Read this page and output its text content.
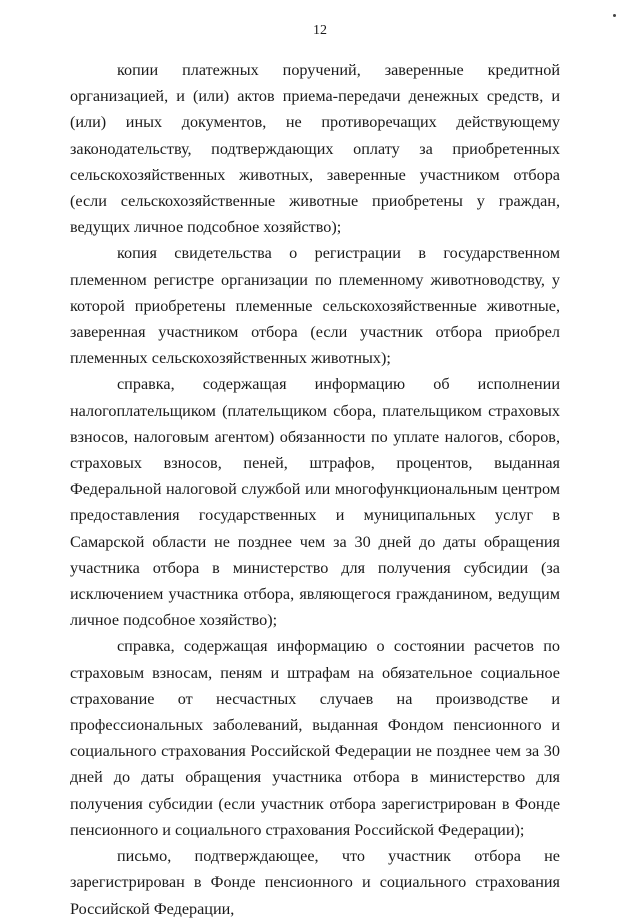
12

копии платежных поручений, заверенные кредитной организацией, и (или) актов приема-передачи денежных средств, и (или) иных документов, не противоречащих действующему законодательству, подтверждающих оплату за приобретенных сельскохозяйственных животных, заверенные участником отбора (если сельскохозяйственные животные приобретены у граждан, ведущих личное подсобное хозяйство);

копия свидетельства о регистрации в государственном племенном регистре организации по племенному животноводству, у которой приобретены племенные сельскохозяйственные животные, заверенная участником отбора (если участник отбора приобрел племенных сельскохозяйственных животных);

справка, содержащая информацию об исполнении налогоплательщиком (плательщиком сбора, плательщиком страховых взносов, налоговым агентом) обязанности по уплате налогов, сборов, страховых взносов, пеней, штрафов, процентов, выданная Федеральной налоговой службой или многофункциональным центром предоставления государственных и муниципальных услуг в Самарской области не позднее чем за 30 дней до даты обращения участника отбора в министерство для получения субсидии (за исключением участника отбора, являющегося гражданином, ведущим личное подсобное хозяйство);

справка, содержащая информацию о состоянии расчетов по страховым взносам, пеням и штрафам на обязательное социальное страхование от несчастных случаев на производстве и профессиональных заболеваний, выданная Фондом пенсионного и социального страхования Российской Федерации не позднее чем за 30 дней до даты обращения участника отбора в министерство для получения субсидии (если участник отбора зарегистрирован в Фонде пенсионного и социального страхования Российской Федерации);

письмо, подтверждающее, что участник отбора не зарегистрирован в Фонде пенсионного и социального страхования Российской Федерации,
